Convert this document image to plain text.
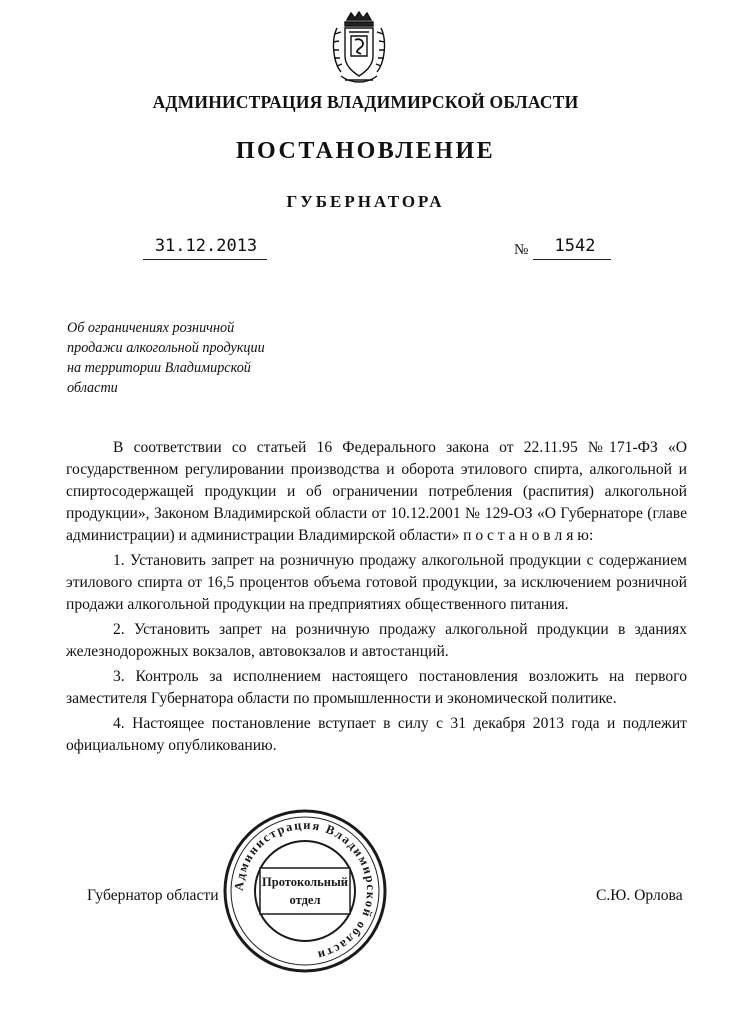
АДМИНИСТРАЦИЯ ВЛАДИМИРСКОЙ ОБЛАСТИ
ПОСТАНОВЛЕНИЕ
ГУБЕРНАТОРА
31.12.2013	№	1542
Об ограничениях розничной
продажи алкогольной продукции
на территории Владимирской
области

В соответствии со статьей 16 Федерального закона от 22.11.95 №171-ФЗ «О государственном регулировании производства и оборота этилового спирта, алкогольной и спиртосодержащей продукции и об ограничении потребления (распития) алкогольной продукции», Законом Владимирской области от 10.12.2001 № 129-ОЗ «О Губернаторе (главе администрации) и администрации Владимирской области» п о с т а н о в л я ю:

1. Установить запрет на розничную продажу алкогольной продукции с содержанием этилового спирта от 16,5 процентов объема готовой продукции, за исключением розничной продажи алкогольной продукции на предприятиях общественного питания.

2. Установить запрет на розничную продажу алкогольной продукции в зданиях железнодорожных вокзалов, автовокзалов и автостанций.

3. Контроль за исполнением настоящего постановления возложить на первого заместителя Губернатора области по промышленности и экономической политике.

4. Настоящее постановление вступает в силу с 31 декабря 2013 года и подлежит официальному опубликованию.

Губернатор области	С.Ю. Орлова
Администрация Владимирской области
Протокольный
отдел
